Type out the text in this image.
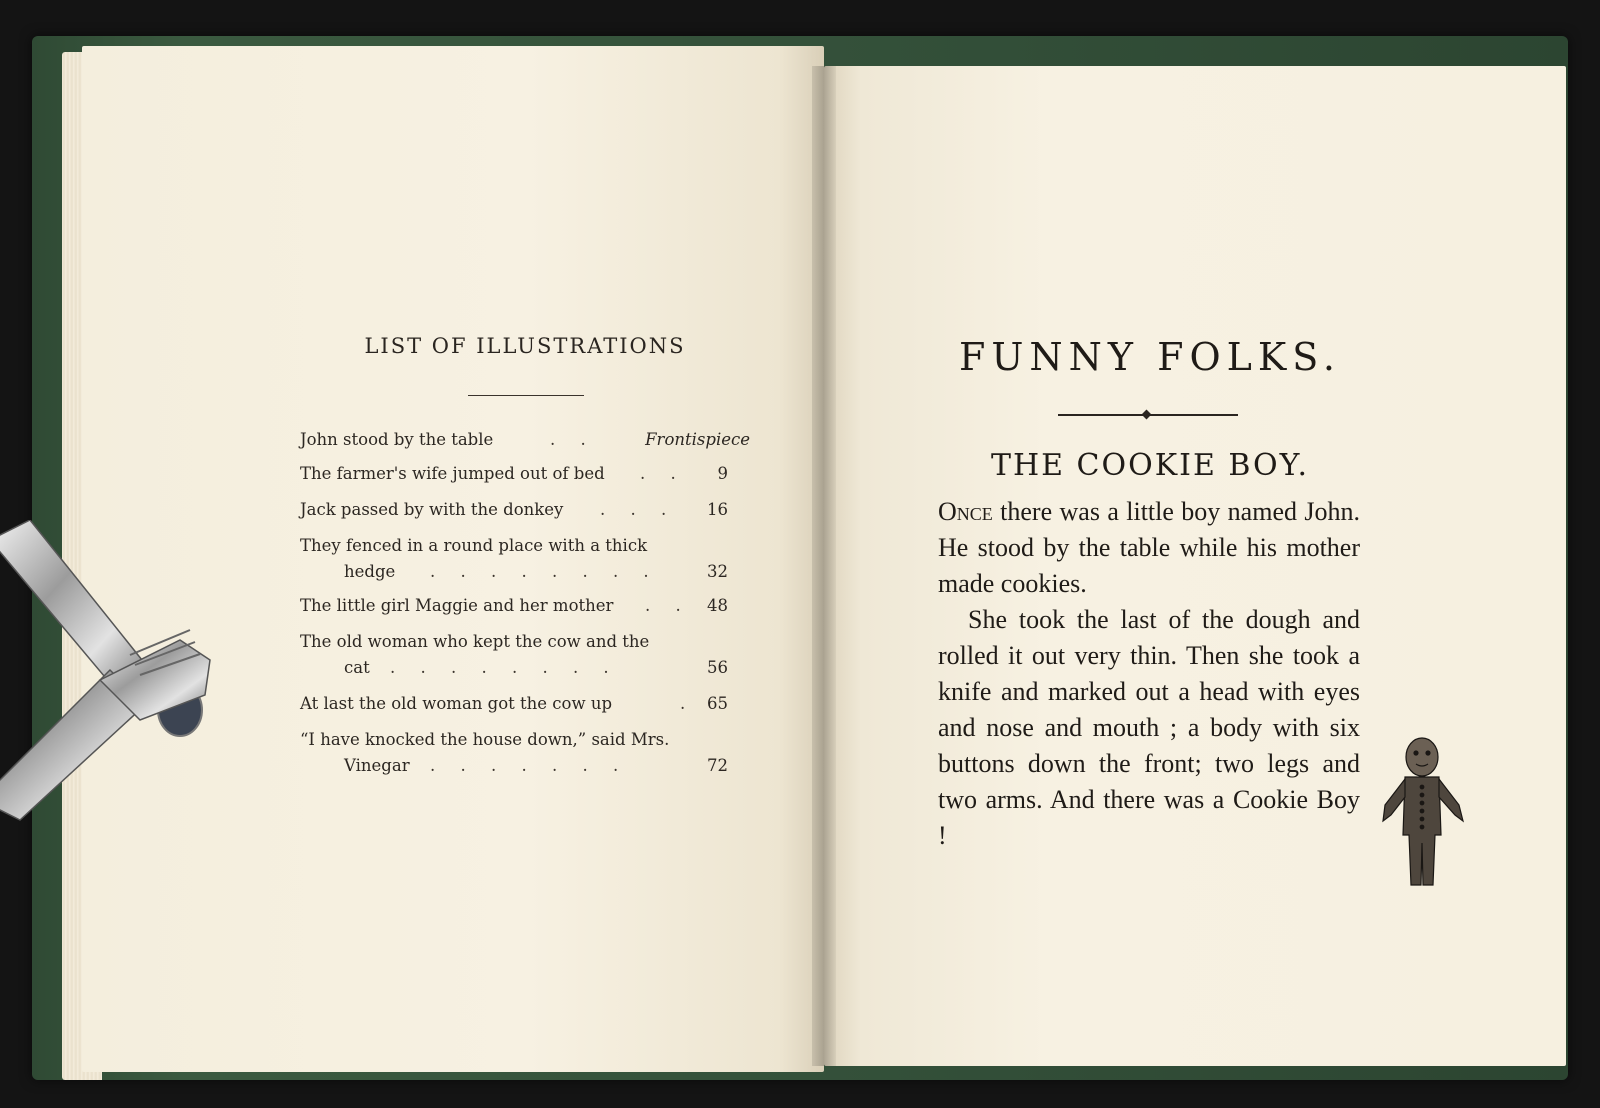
LIST OF ILLUSTRATIONS
John stood by the table	. .	Frontispiece
The farmer's wife jumped out of bed . . 9
Jack passed by with the donkey . . . 16
They fenced in a round place with a thick
hedge . . . . . . . .	32
The little girl Maggie and her mother . . 48
The old woman who kept the cow and the
cat . . . . . . . .	56
At last the old woman got the cow up	. 65
“I have knocked the house down,” said Mrs.
Vinegar . . . . . . .	72
FUNNY FOLKS.
THE COOKIE BOY.

Once there was a little boy named John. He stood by the table while his mother made cookies.

She took the last of the dough and rolled it out very thin. Then she took a knife and marked out a head with eyes and nose and mouth ; a body with six buttons down the front; two legs and two arms. And there was a Cookie Boy !
